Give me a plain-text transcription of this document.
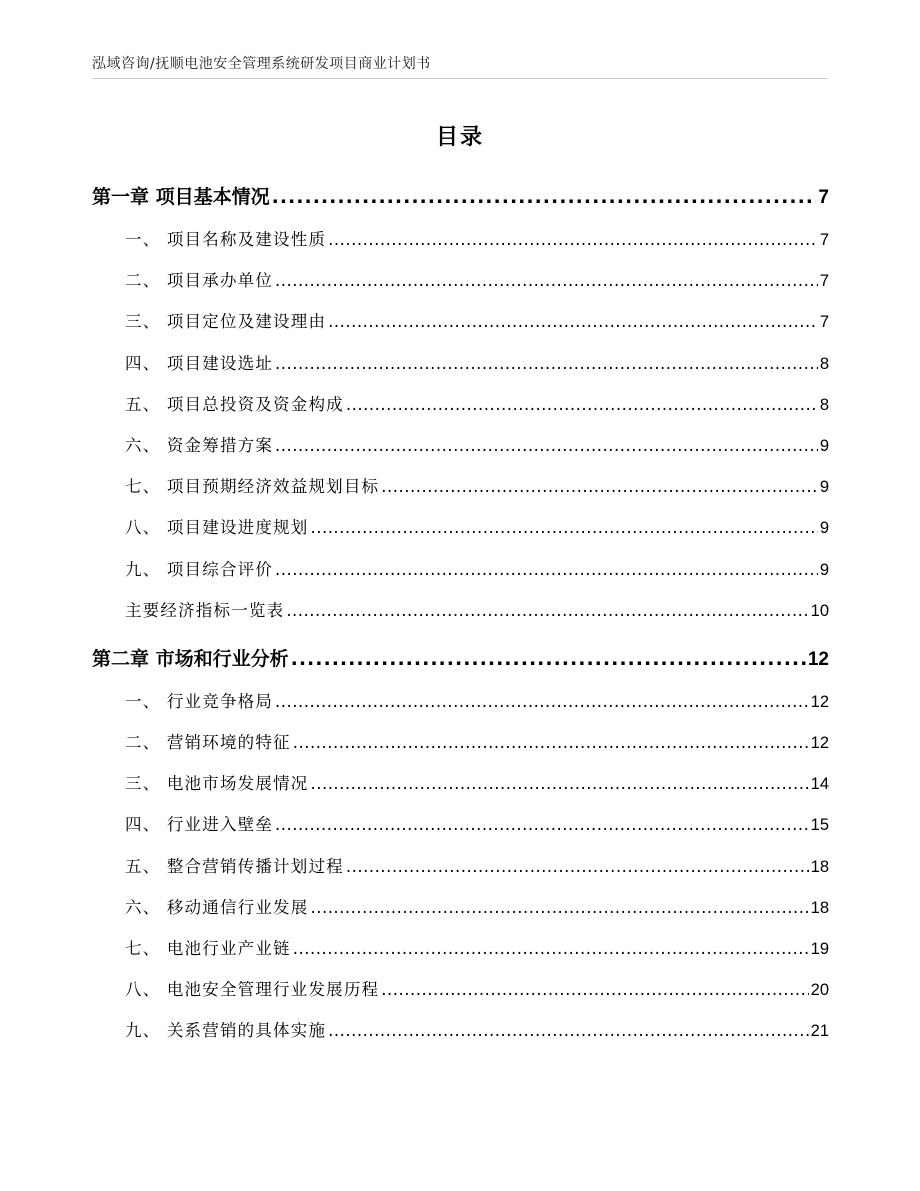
泓域咨询/抚顺电池安全管理系统研发项目商业计划书
目录
第一章 项目基本情况 .....	7
一、 项目名称及建设性质 .....	7
二、 项目承办单位 .....	7
三、 项目定位及建设理由 .....	7
四、 项目建设选址 .....	8
五、 项目总投资及资金构成 .....	8
六、 资金筹措方案 .....	9
七、 项目预期经济效益规划目标 .....	9
八、 项目建设进度规划 .....	9
九、 项目综合评价 .....	9
主要经济指标一览表 .....	10
第二章 市场和行业分析 .....	12
一、 行业竞争格局 .....	12
二、 营销环境的特征 .....	12
三、 电池市场发展情况 .....	14
四、 行业进入壁垒 .....	15
五、 整合营销传播计划过程 .....	18
六、 移动通信行业发展 .....	18
七、 电池行业产业链 .....	19
八、 电池安全管理行业发展历程 .....	20
九、 关系营销的具体实施 .....	21
